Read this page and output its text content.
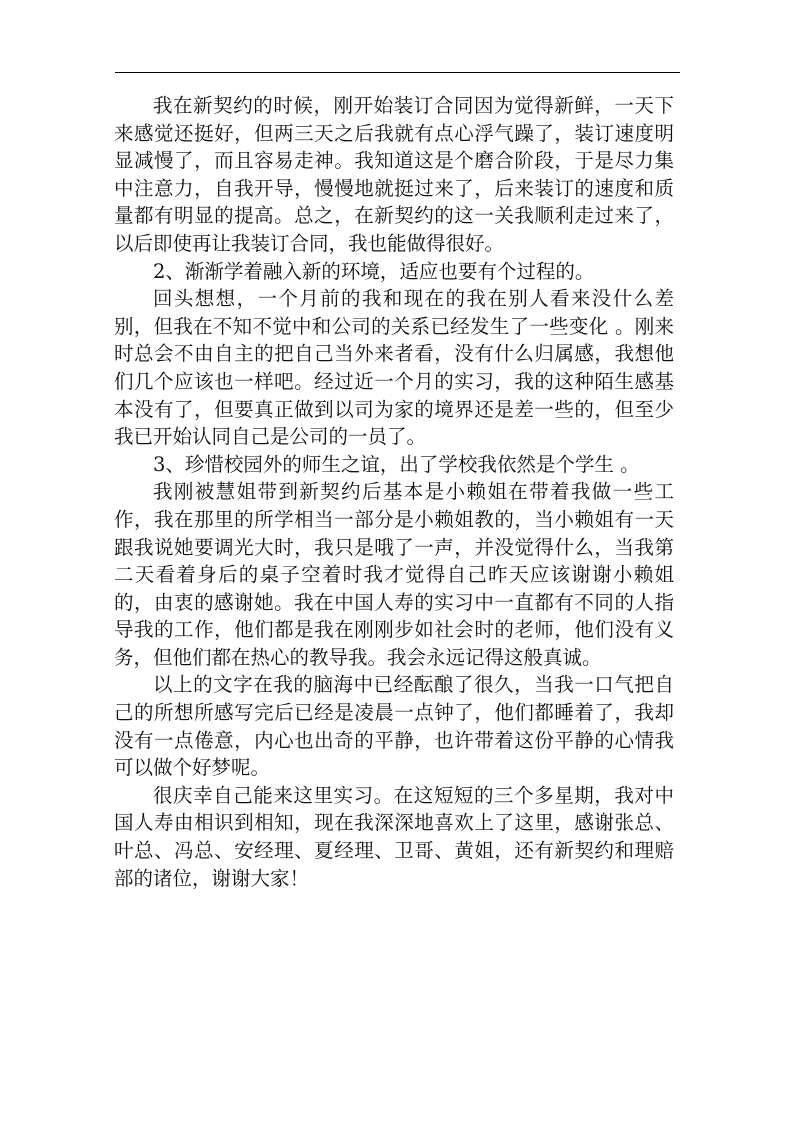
我在新契约的时候，刚开始装订合同因为觉得新鲜，一天下来感觉还挺好，但两三天之后我就有点心浮气躁了，装订速度明显减慢了，而且容易走神。我知道这是个磨合阶段，于是尽力集中注意力，自我开导，慢慢地就挺过来了，后来装订的速度和质量都有明显的提高。总之，在新契约的这一关我顺利走过来了，以后即使再让我装订合同，我也能做得很好。

2、渐渐学着融入新的环境，适应也要有个过程的。

回头想想，一个月前的我和现在的我在别人看来没什么差别，但我在不知不觉中和公司的关系已经发生了一些变化 。刚来时总会不由自主的把自己当外来者看，没有什么归属感，我想他们几个应该也一样吧。经过近一个月的实习，我的这种陌生感基本没有了，但要真正做到以司为家的境界还是差一些的，但至少我已开始认同自己是公司的一员了。

3、珍惜校园外的师生之谊，出了学校我依然是个学生 。

我刚被慧姐带到新契约后基本是小赖姐在带着我做一些工作，我在那里的所学相当一部分是小赖姐教的，当小赖姐有一天跟我说她要调光大时，我只是哦了一声，并没觉得什么，当我第二天看着身后的桌子空着时我才觉得自己昨天应该谢谢小赖姐的，由衷的感谢她。我在中国人寿的实习中一直都有不同的人指导我的工作，他们都是我在刚刚步如社会时的老师，他们没有义务，但他们都在热心的教导我。我会永远记得这般真诚。

以上的文字在我的脑海中已经酝酿了很久，当我一口气把自己的所想所感写完后已经是凌晨一点钟了，他们都睡着了，我却没有一点倦意，内心也出奇的平静，也许带着这份平静的心情我可以做个好梦呢。

很庆幸自己能来这里实习。在这短短的三个多星期，我对中国人寿由相识到相知，现在我深深地喜欢上了这里，感谢张总、叶总、冯总、安经理、夏经理、卫哥、黄姐，还有新契约和理赔部的诸位，谢谢大家！
